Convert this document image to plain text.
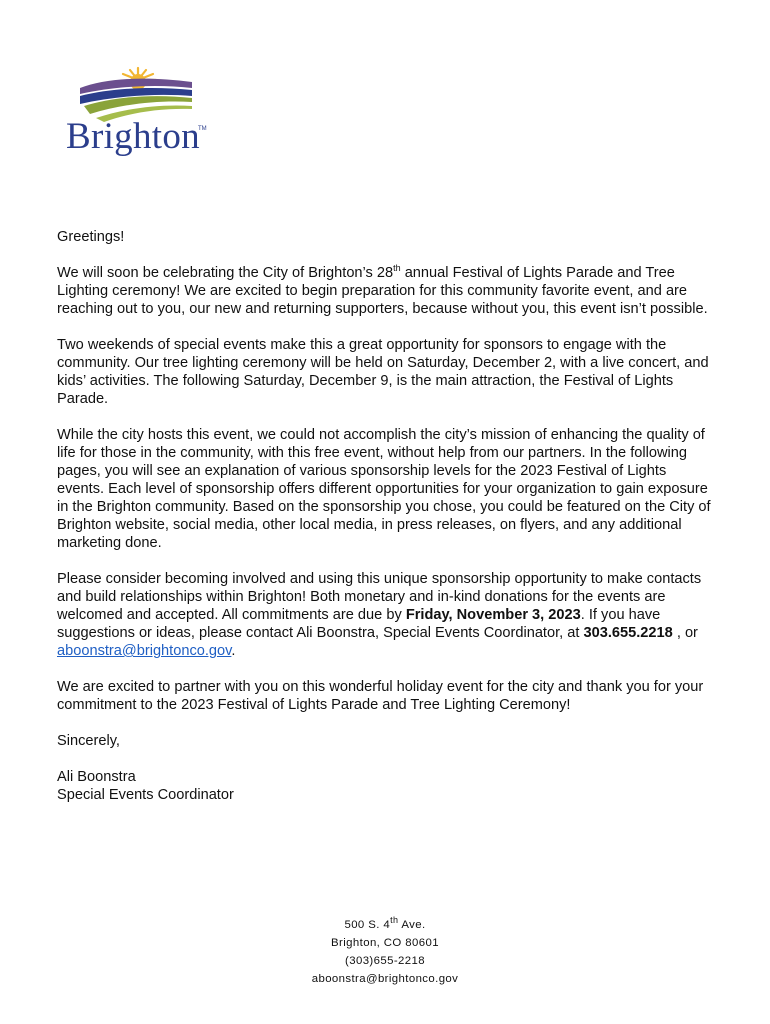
Brighton
TM

Greetings!

We will soon be celebrating the City of Brighton’s 28th annual Festival of Lights Parade and Tree Lighting ceremony! We are excited to begin preparation for this community favorite event, and are reaching out to you, our new and returning supporters, because without you, this event isn’t possible.

Two weekends of special events make this a great opportunity for sponsors to engage with the community. Our tree lighting ceremony will be held on Saturday, December 2, with a live concert, and kids’ activities. The following Saturday, December 9, is the main attraction, the Festival of Lights Parade.

While the city hosts this event, we could not accomplish the city’s mission of enhancing the quality of life for those in the community, with this free event, without help from our partners. In the following pages, you will see an explanation of various sponsorship levels for the 2023 Festival of Lights events. Each level of sponsorship offers different opportunities for your organization to gain exposure in the Brighton community. Based on the sponsorship you chose, you could be featured on the City of Brighton website, social media, other local media, in press releases, on flyers, and any additional marketing done.

Please consider becoming involved and using this unique sponsorship opportunity to make contacts and build relationships within Brighton! Both monetary and in-kind donations for the events are welcomed and accepted. All commitments are due by Friday, November 3, 2023. If you have suggestions or ideas, please contact Ali Boonstra, Special Events Coordinator, at 303.655.2218 , or aboonstra@brightonco.gov.

We are excited to partner with you on this wonderful holiday event for the city and thank you for your commitment to the 2023 Festival of Lights Parade and Tree Lighting Ceremony!

Sincerely,

Ali Boonstra
Special Events Coordinator
500 S. 4th Ave.
Brighton, CO 80601
(303)655-2218
aboonstra@brightonco.gov
